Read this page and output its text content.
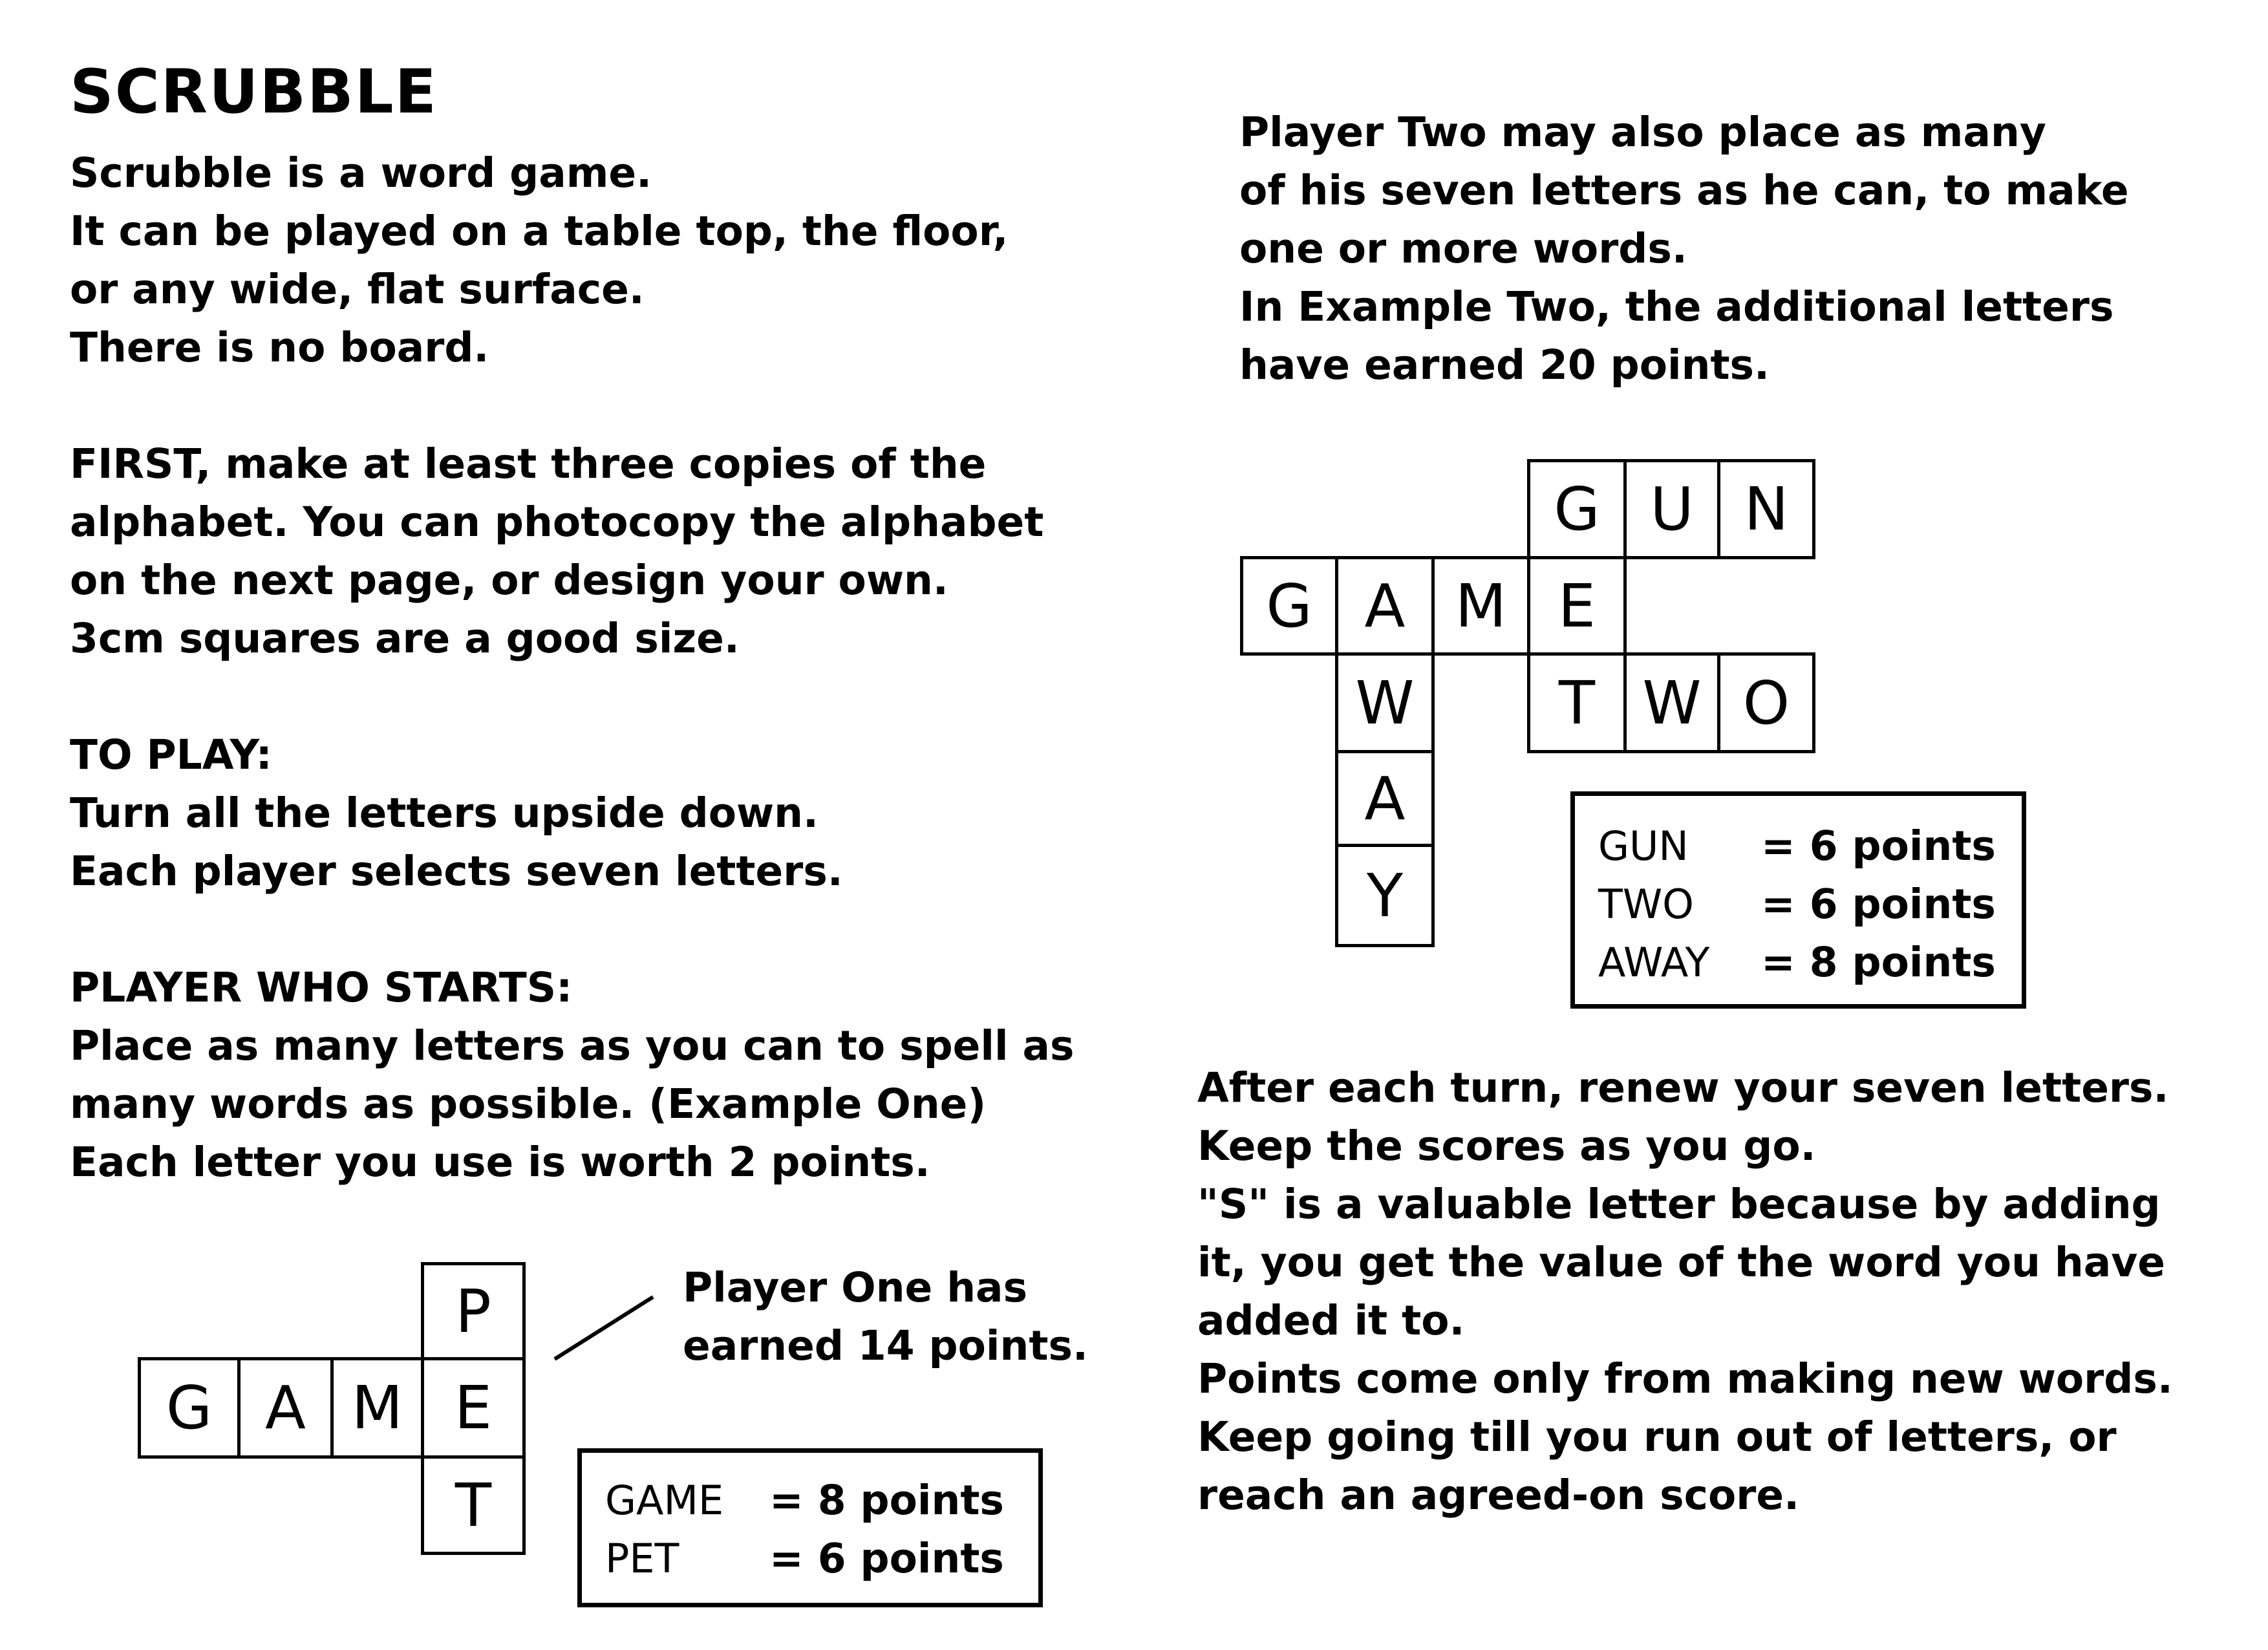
SCRUBBLE
Scrubble is a word game.
It can be played on a table top, the floor,
or any wide, flat surface.
There is no board.
FIRST, make at least three copies of the
alphabet. You can photocopy the alphabet
on the next page, or design your own.
3cm squares are a good size.
TO PLAY:
Turn all the letters upside down.
Each player selects seven letters.
PLAYER WHO STARTS:
Place as many letters as you can to spell as
many words as possible. (Example One)
Each letter you use is worth 2 points.
P
G A M E
T
Player One has
earned 14 points.
GAME = 8 points
PET = 6 points
Player Two may also place as many
of his seven letters as he can, to make
one or more words.
In Example Two, the additional letters
have earned 20 points.
G U N
G A M E
W	T W O
A
Y
GUN = 6 points
TWO = 6 points
AWAY = 8 points
After each turn, renew your seven letters.
Keep the scores as you go.
"S" is a valuable letter because by adding
it, you get the value of the word you have
added it to.
Points come only from making new words.
Keep going till you run out of letters, or
reach an agreed-on score.
